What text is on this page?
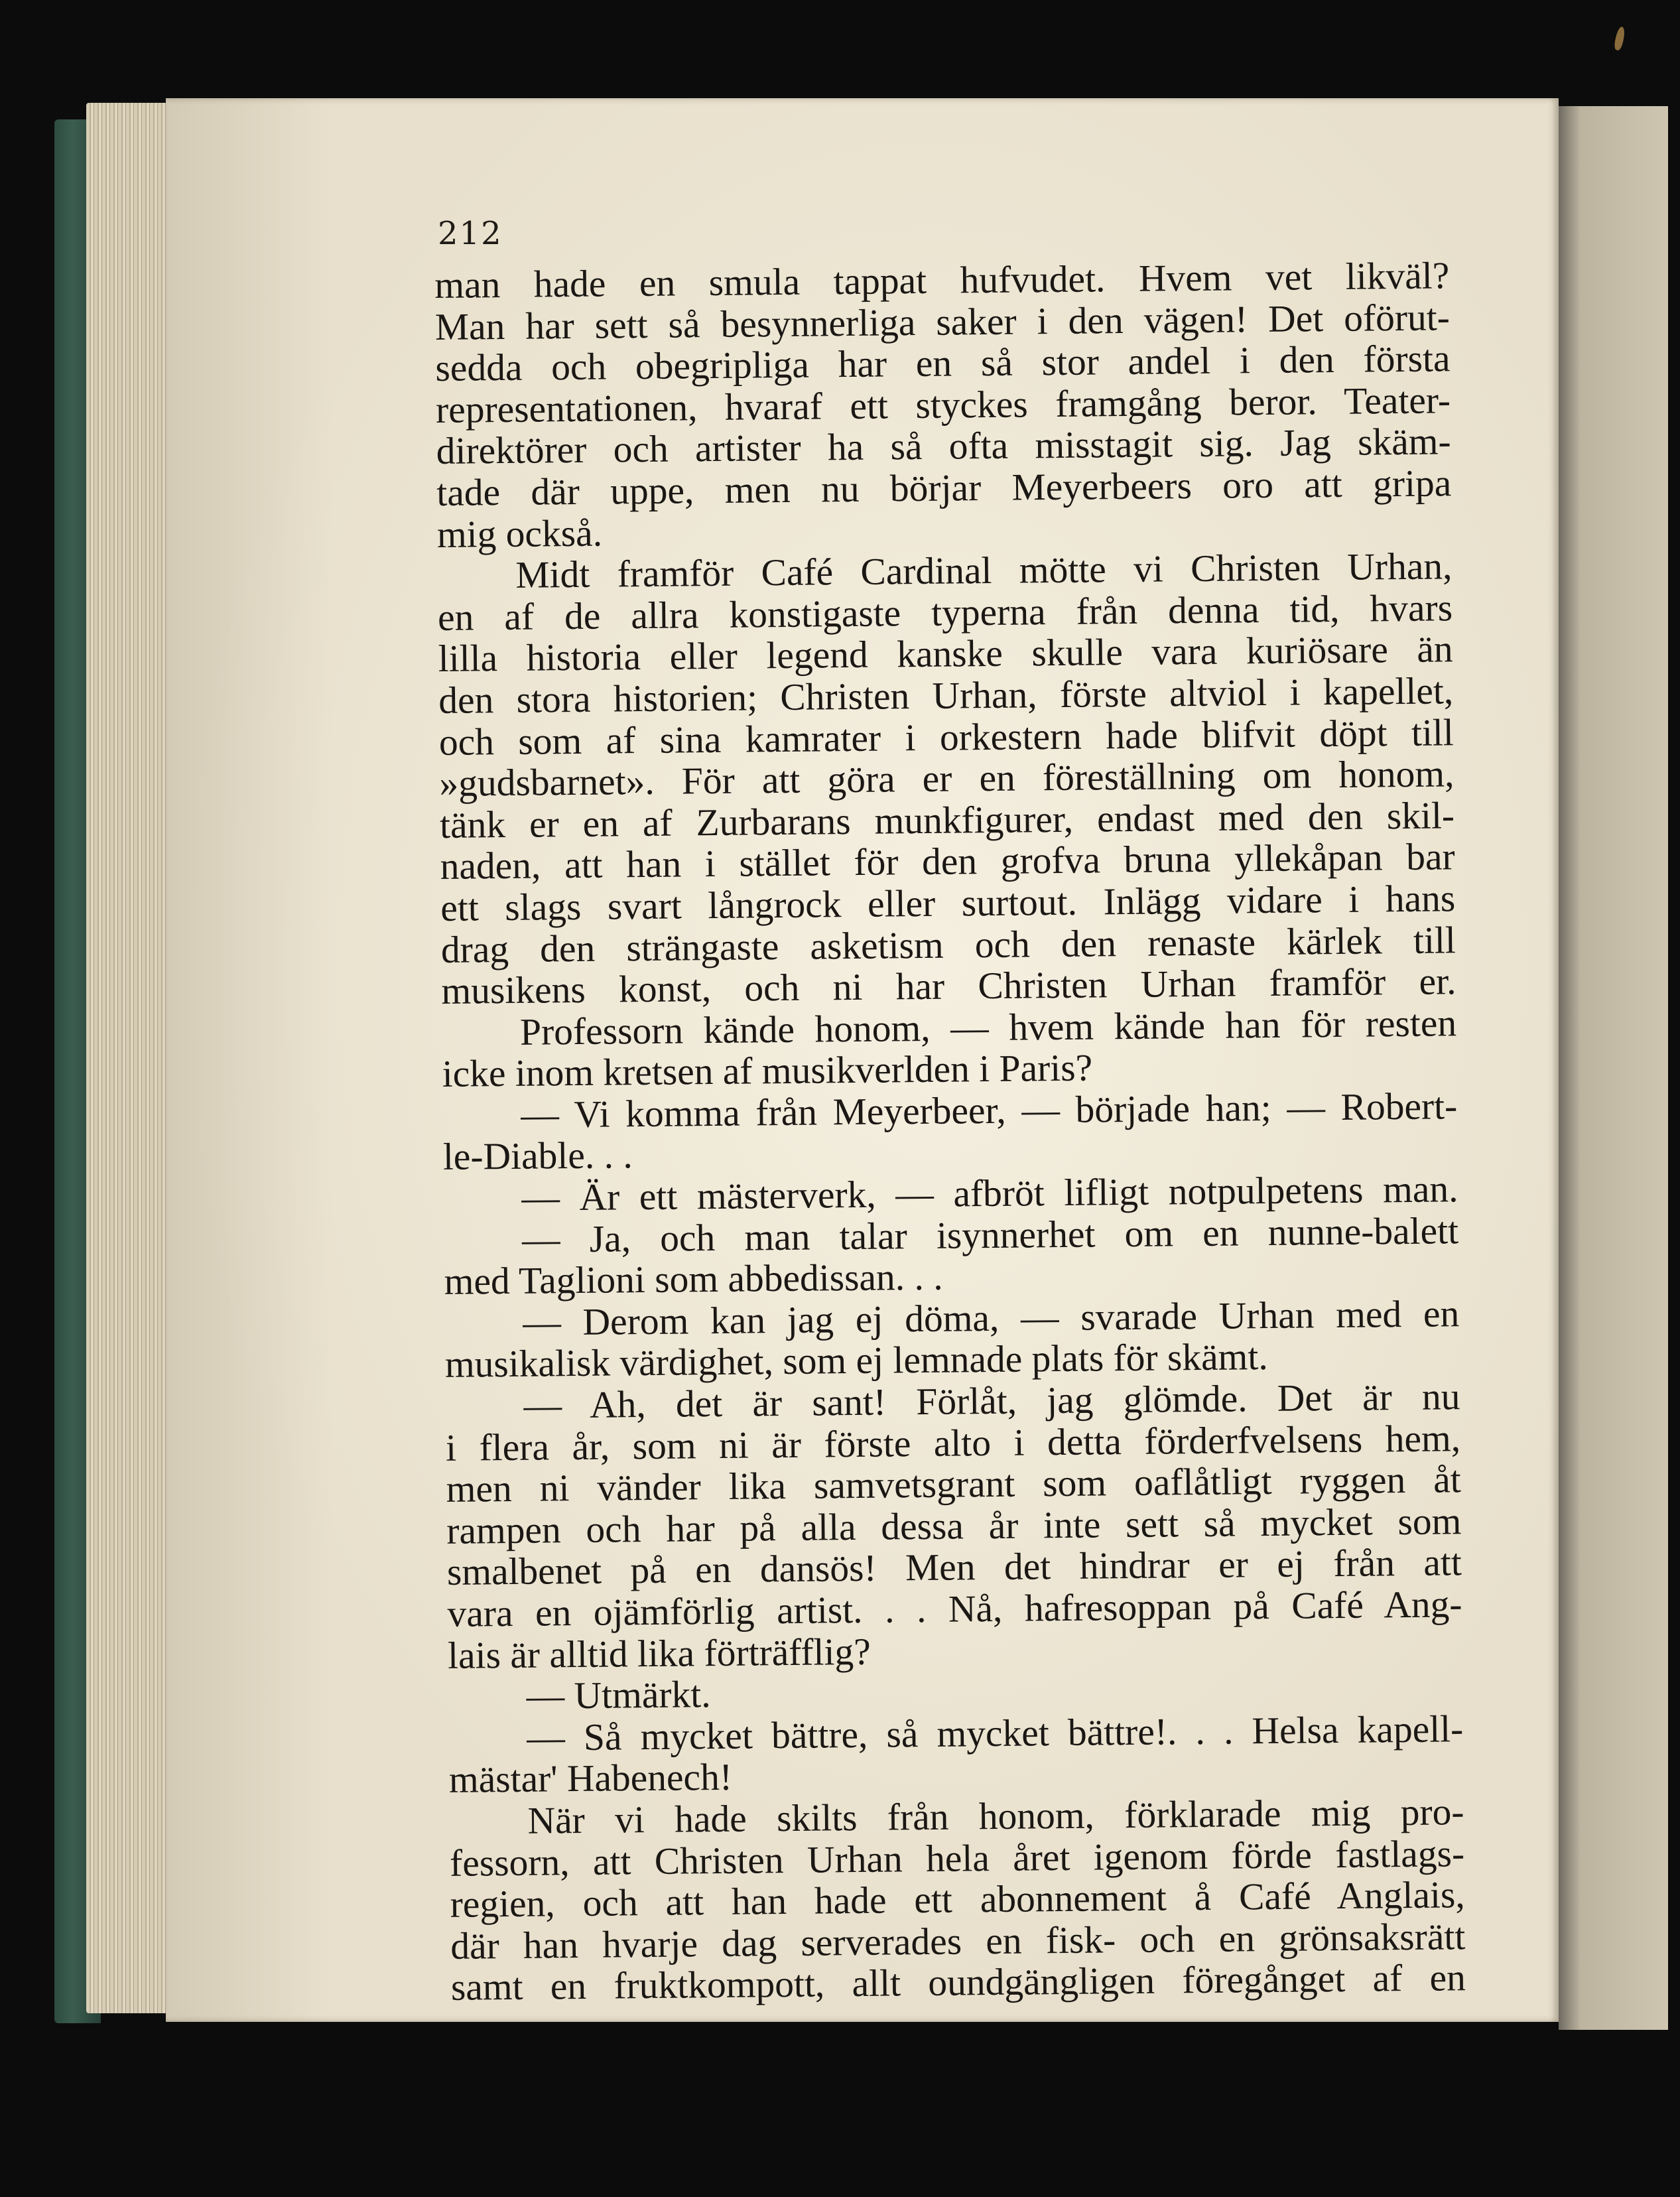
212
man hade en smula tappat hufvudet. Hvem vet likväl?
Man har sett så besynnerliga saker i den vägen! Det oförut-
sedda och obegripliga har en så stor andel i den första
representationen, hvaraf ett styckes framgång beror. Teater-
direktörer och artister ha så ofta misstagit sig. Jag skäm-
tade där uppe, men nu börjar Meyerbeers oro att gripa
mig också.
Midt framför Café Cardinal mötte vi Christen Urhan,
en af de allra konstigaste typerna från denna tid, hvars
lilla historia eller legend kanske skulle vara kuriösare än
den stora historien; Christen Urhan, förste altviol i kapellet,
och som af sina kamrater i orkestern hade blifvit döpt till
»gudsbarnet». För att göra er en föreställning om honom,
tänk er en af Zurbarans munkfigurer, endast med den skil-
naden, att han i stället för den grofva bruna yllekåpan bar
ett slags svart långrock eller surtout. Inlägg vidare i hans
drag den strängaste asketism och den renaste kärlek till
musikens konst, och ni har Christen Urhan framför er.
Professorn kände honom, — hvem kände han för resten
icke inom kretsen af musikverlden i Paris?
— Vi komma från Meyerbeer, — började han; — Robert-
le-Diable. . .
— Är ett mästerverk, — afbröt lifligt notpulpetens man.
— Ja, och man talar isynnerhet om en nunne-balett
med Taglioni som abbedissan. . .
— Derom kan jag ej döma, — svarade Urhan med en
musikalisk värdighet, som ej lemnade plats för skämt.
— Ah, det är sant! Förlåt, jag glömde. Det är nu
i flera år, som ni är förste alto i detta förderfvelsens hem,
men ni vänder lika samvetsgrant som oaflåtligt ryggen åt
rampen och har på alla dessa år inte sett så mycket som
smalbenet på en dansös! Men det hindrar er ej från att
vara en ojämförlig artist. . . Nå, hafresoppan på Café Ang-
lais är alltid lika förträfflig?
— Utmärkt.
— Så mycket bättre, så mycket bättre!. . . Helsa kapell-
mästar' Habenech!
När vi hade skilts från honom, förklarade mig pro-
fessorn, att Christen Urhan hela året igenom förde fastlags-
regien, och att han hade ett abonnement å Café Anglais,
där han hvarje dag serverades en fisk- och en grönsaksrätt
samt en fruktkompott, allt oundgängligen föregånget af en
